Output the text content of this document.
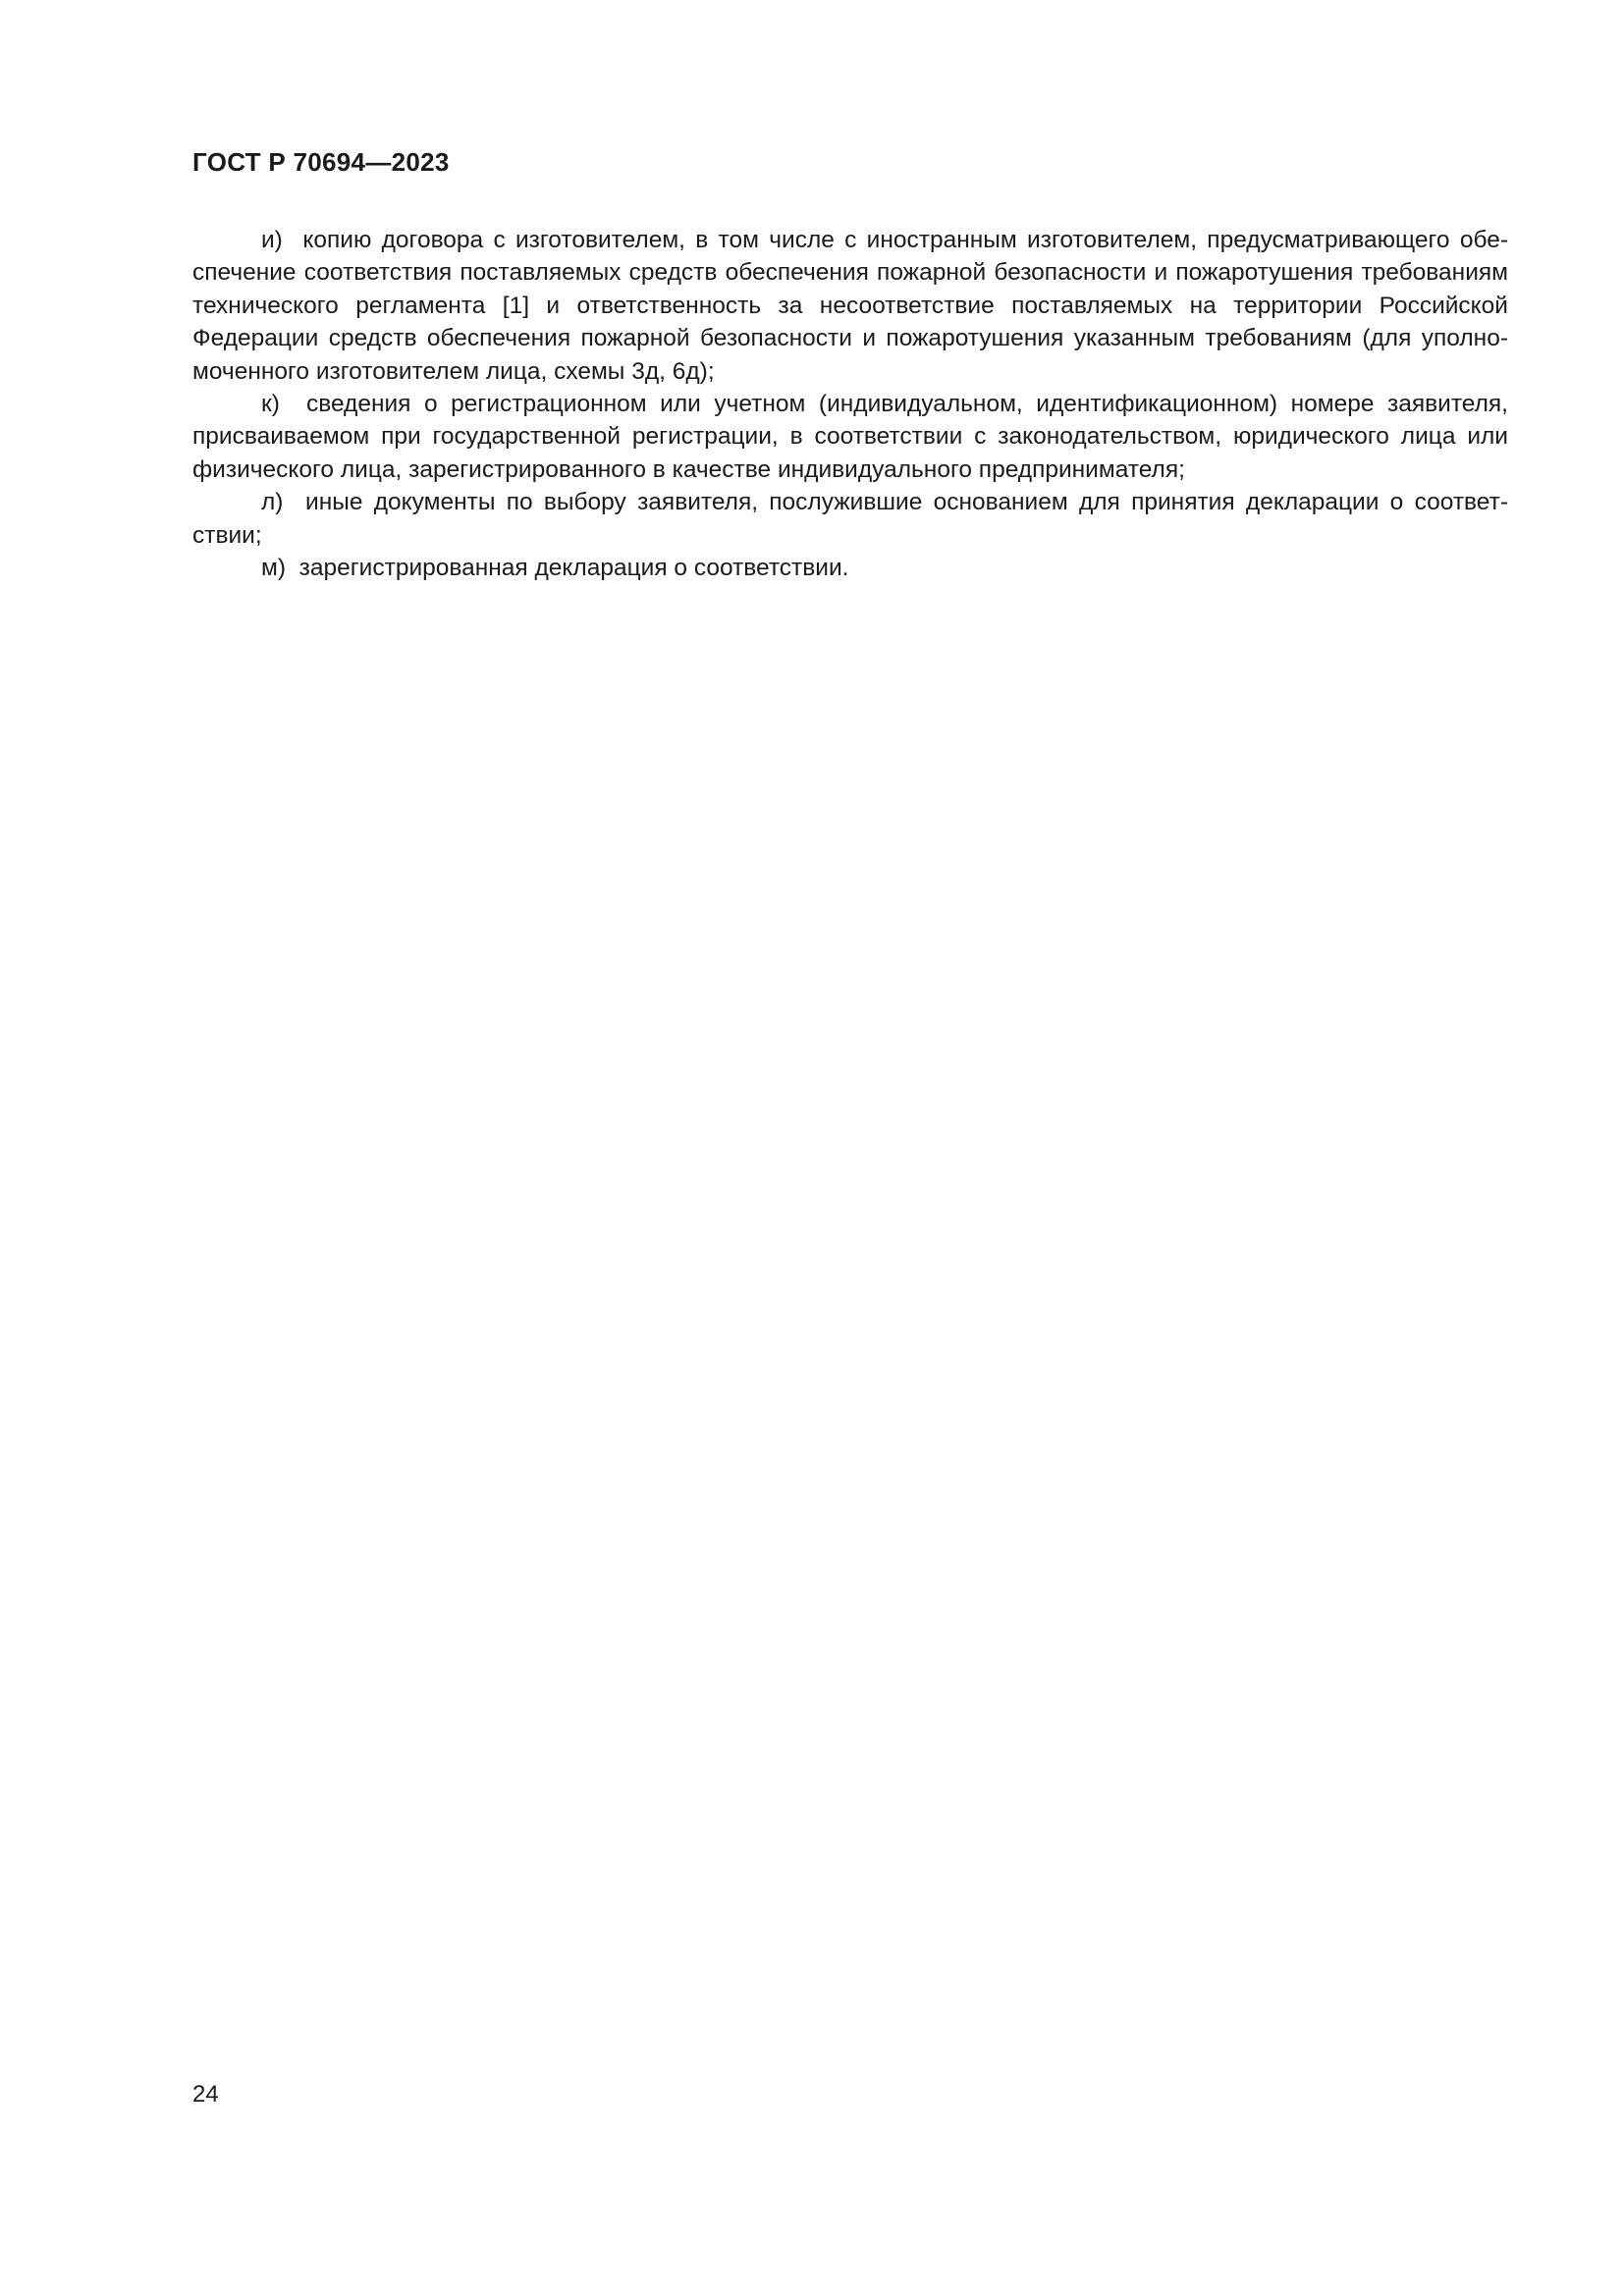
ГОСТ Р 70694—2023

и)  копию договора с изготовителем, в том числе с иностранным изготовителем, предусматривающего обеспечение соответствия поставляемых средств обеспечения пожарной безопасности и пожаротушения требованиям технического регламента [1] и ответственность за несоответствие поставляемых на территории Российской Федерации средств обеспечения пожарной безопасности и пожаротушения указанным требованиям (для уполномоченного изготовителем лица, схемы 3д, 6д);

к)  сведения о регистрационном или учетном (индивидуальном, идентификационном) номере заявителя, присваиваемом при государственной регистрации, в соответствии с законодательством, юридического лица или физического лица, зарегистрированного в качестве индивидуального предпринимателя;

л)  иные документы по выбору заявителя, послужившие основанием для принятия декларации о соответствии;

м)  зарегистрированная декларация о соответствии.

24
